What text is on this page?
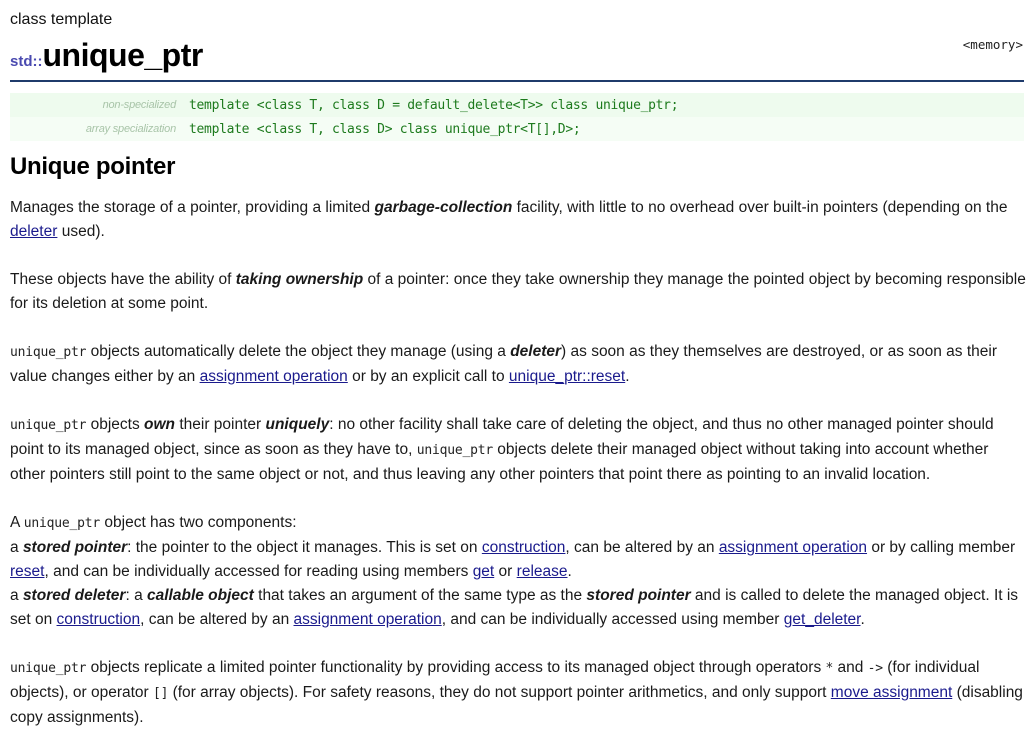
class template
<memory>
std::unique_ptr
non-specialized	template <class T, class D = default_delete<T>> class unique_ptr;
array specialization	template <class T, class D> class unique_ptr<T[],D>;
Unique pointer

Manages the storage of a pointer, providing a limited garbage-collection facility, with little to no overhead over built-in pointers (depending on the deleter used).

These objects have the ability of taking ownership of a pointer: once they take ownership they manage the pointed object by becoming responsible for its deletion at some point.

unique_ptr objects automatically delete the object they manage (using a deleter) as soon as they themselves are destroyed, or as soon as their value changes either by an assignment operation or by an explicit call to unique_ptr::reset.

unique_ptr objects own their pointer uniquely: no other facility shall take care of deleting the object, and thus no other managed pointer should point to its managed object, since as soon as they have to, unique_ptr objects delete their managed object without taking into account whether other pointers still point to the same object or not, and thus leaving any other pointers that point there as pointing to an invalid location.

A unique_ptr object has two components:
a stored pointer: the pointer to the object it manages. This is set on construction, can be altered by an assignment operation or by calling member reset, and can be individually accessed for reading using members get or release.
a stored deleter: a callable object that takes an argument of the same type as the stored pointer and is called to delete the managed object. It is set on construction, can be altered by an assignment operation, and can be individually accessed using member get_deleter.

unique_ptr objects replicate a limited pointer functionality by providing access to its managed object through operators * and -> (for individual objects), or operator [] (for array objects). For safety reasons, they do not support pointer arithmetics, and only support move assignment (disabling copy assignments).
